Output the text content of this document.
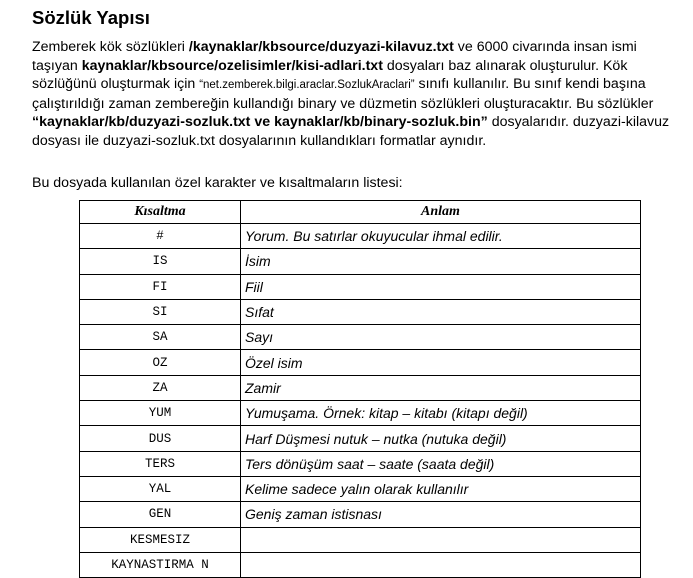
Sözlük Yapısı

Zemberek kök sözlükleri /kaynaklar/kbsource/duzyazi-kilavuz.txt ve 6000 civarında insan ismi taşıyan kaynaklar/kbsource/ozelisimler/kisi-adlari.txt dosyaları baz alınarak oluşturulur. Kök sözlüğünü oluşturmak için “net.zemberek.bilgi.araclar.SozlukAraclari” sınıfı kullanılır. Bu sınıf kendi başına çalıştırıldığı zaman zembereğin kullandığı binary ve düzmetin sözlükleri oluşturacaktır. Bu sözlükler “kaynaklar/kb/duzyazi-sozluk.txt ve kaynaklar/kb/binary-sozluk.bin” dosyalarıdır. duzyazi-kilavuz dosyası ile duzyazi-sozluk.txt dosyalarının kullandıkları formatlar aynıdır.

Bu dosyada kullanılan özel karakter ve kısaltmaların listesi:

Kısaltma	Anlam
#	Yorum. Bu satırlar okuyucular ihmal edilir.
IS	İsim
FI	Fiil
SI	Sıfat
SA	Sayı
OZ	Özel isim
ZA	Zamir
YUM	Yumuşama. Örnek: kitap – kitabı (kitapı değil)
DUS	Harf Düşmesi nutuk – nutka (nutuka değil)
TERS	Ters dönüşüm saat – saate (saata değil)
YAL	Kelime sadece yalın olarak kullanılır
GEN	Geniş zaman istisnası
KESMESIZ	
KAYNASTIRMA N	
